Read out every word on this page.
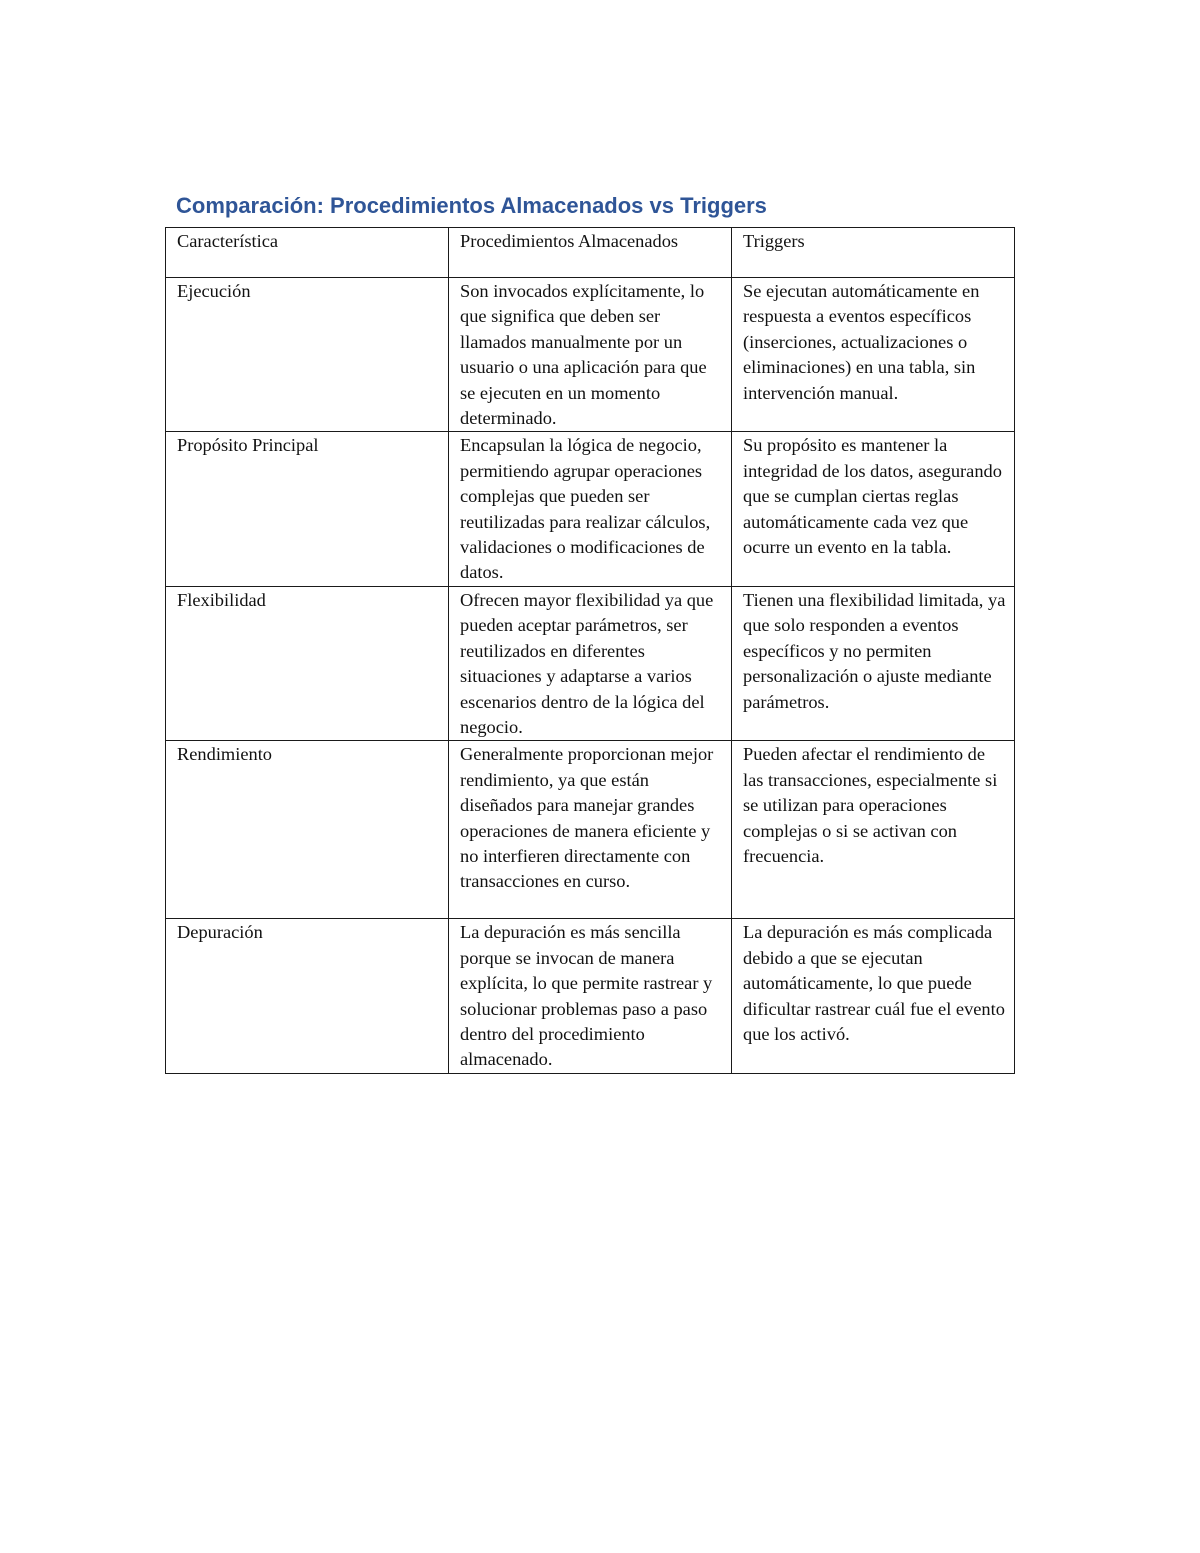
Comparación: Procedimientos Almacenados vs Triggers
Característica	Procedimientos Almacenados	Triggers
Ejecución	Son invocados explícitamente, lo que significa que deben ser llamados manualmente por un usuario o una aplicación para que se ejecuten en un momento determinado.	Se ejecutan automáticamente en respuesta a eventos específicos (inserciones, actualizaciones o eliminaciones) en una tabla, sin intervención manual.
Propósito Principal	Encapsulan la lógica de negocio, permitiendo agrupar operaciones complejas que pueden ser reutilizadas para realizar cálculos, validaciones o modificaciones de datos.	Su propósito es mantener la integridad de los datos, asegurando que se cumplan ciertas reglas automáticamente cada vez que ocurre un evento en la tabla.
Flexibilidad	Ofrecen mayor flexibilidad ya que pueden aceptar parámetros, ser reutilizados en diferentes situaciones y adaptarse a varios escenarios dentro de la lógica del negocio.	Tienen una flexibilidad limitada, ya que solo responden a eventos específicos y no permiten personalización o ajuste mediante parámetros.
Rendimiento	Generalmente proporcionan mejor rendimiento, ya que están diseñados para manejar grandes operaciones de manera eficiente y no interfieren directamente con transacciones en curso.	Pueden afectar el rendimiento de las transacciones, especialmente si se utilizan para operaciones complejas o si se activan con frecuencia.
Depuración	La depuración es más sencilla porque se invocan de manera explícita, lo que permite rastrear y solucionar problemas paso a paso dentro del procedimiento almacenado.	La depuración es más complicada debido a que se ejecutan automáticamente, lo que puede dificultar rastrear cuál fue el evento que los activó.
